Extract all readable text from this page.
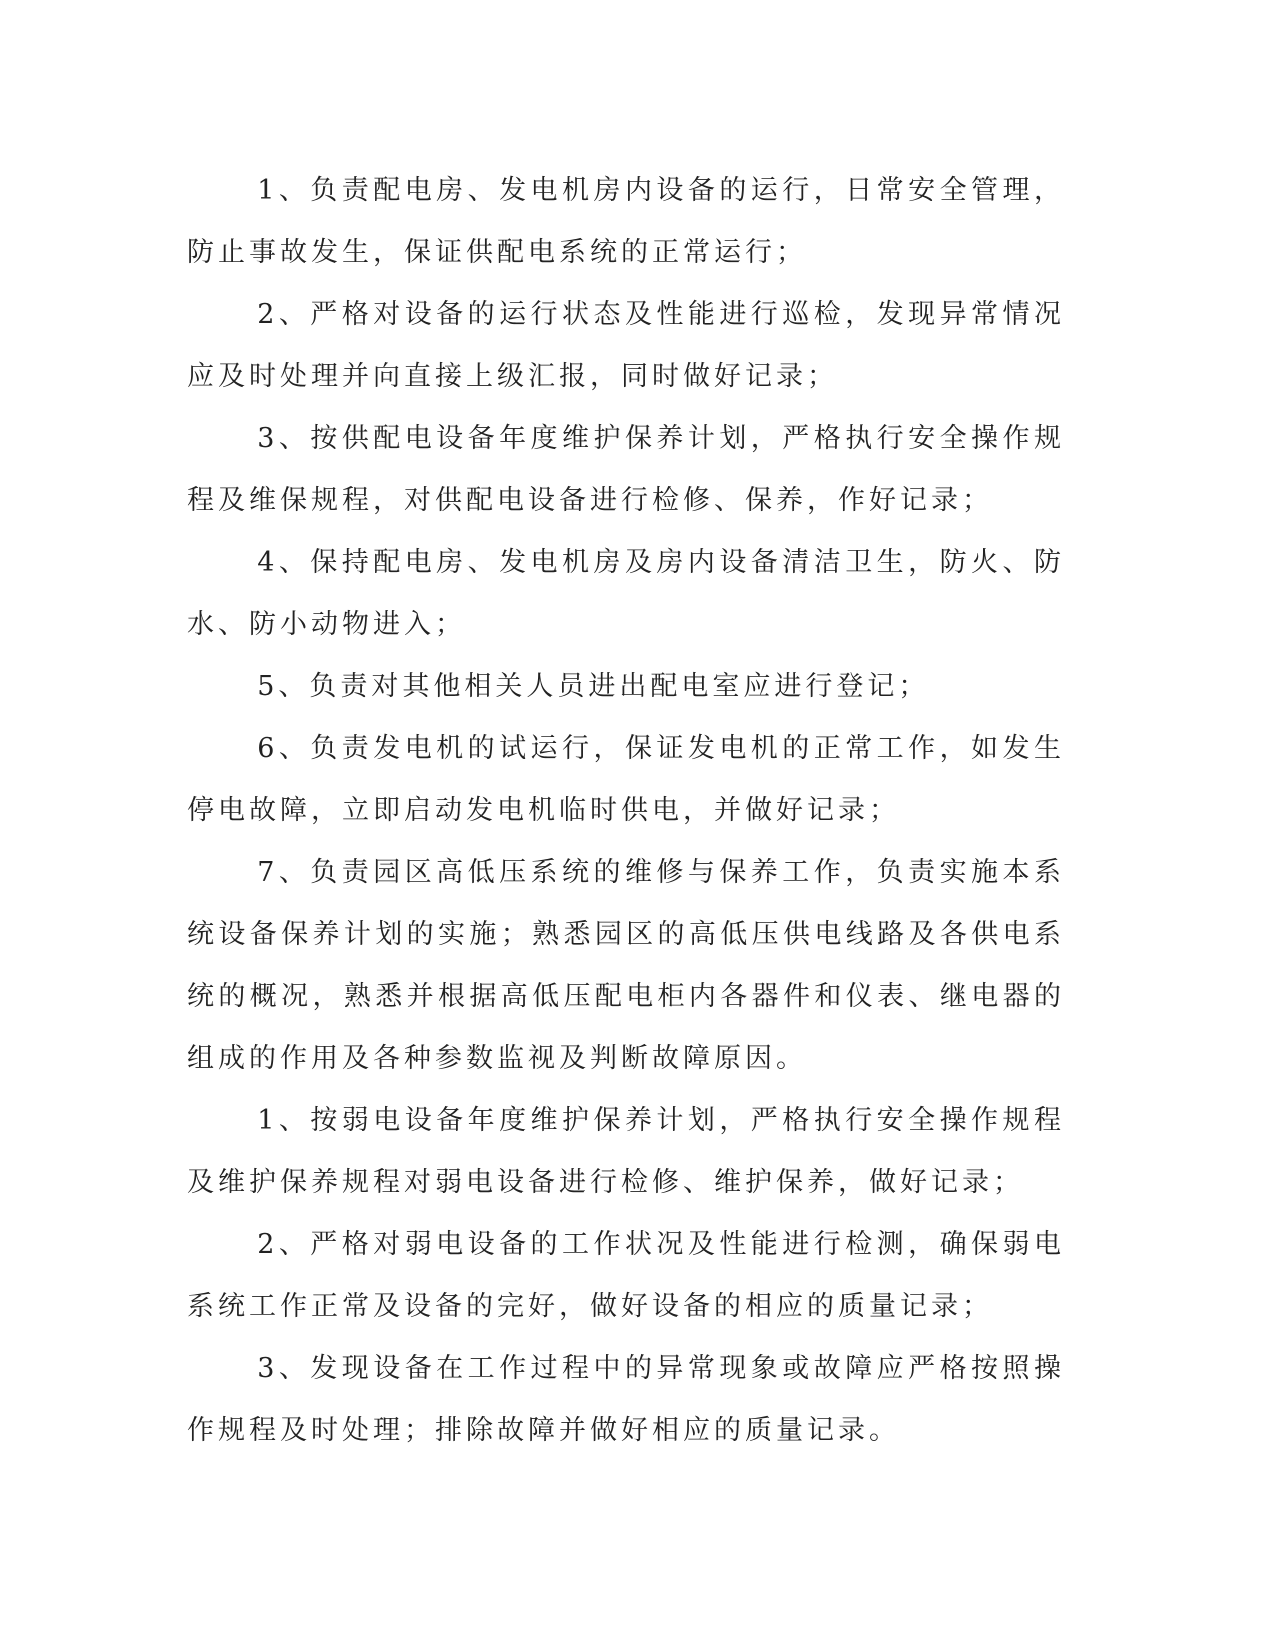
1、负责配电房、发电机房内设备的运行，日常安全管理，防止事故发生，保证供配电系统的正常运行；

2、严格对设备的运行状态及性能进行巡检，发现异常情况应及时处理并向直接上级汇报，同时做好记录；

3、按供配电设备年度维护保养计划，严格执行安全操作规程及维保规程，对供配电设备进行检修、保养，作好记录；

4、保持配电房、发电机房及房内设备清洁卫生，防火、防水、防小动物进入；

5、负责对其他相关人员进出配电室应进行登记；

6、负责发电机的试运行，保证发电机的正常工作，如发生停电故障，立即启动发电机临时供电，并做好记录；

7、负责园区高低压系统的维修与保养工作，负责实施本系统设备保养计划的实施；熟悉园区的高低压供电线路及各供电系统的概况，熟悉并根据高低压配电柜内各器件和仪表、继电器的组成的作用及各种参数监视及判断故障原因。

1、按弱电设备年度维护保养计划，严格执行安全操作规程及维护保养规程对弱电设备进行检修、维护保养，做好记录；

2、严格对弱电设备的工作状况及性能进行检测，确保弱电系统工作正常及设备的完好，做好设备的相应的质量记录；

3、发现设备在工作过程中的异常现象或故障应严格按照操作规程及时处理；排除故障并做好相应的质量记录。
